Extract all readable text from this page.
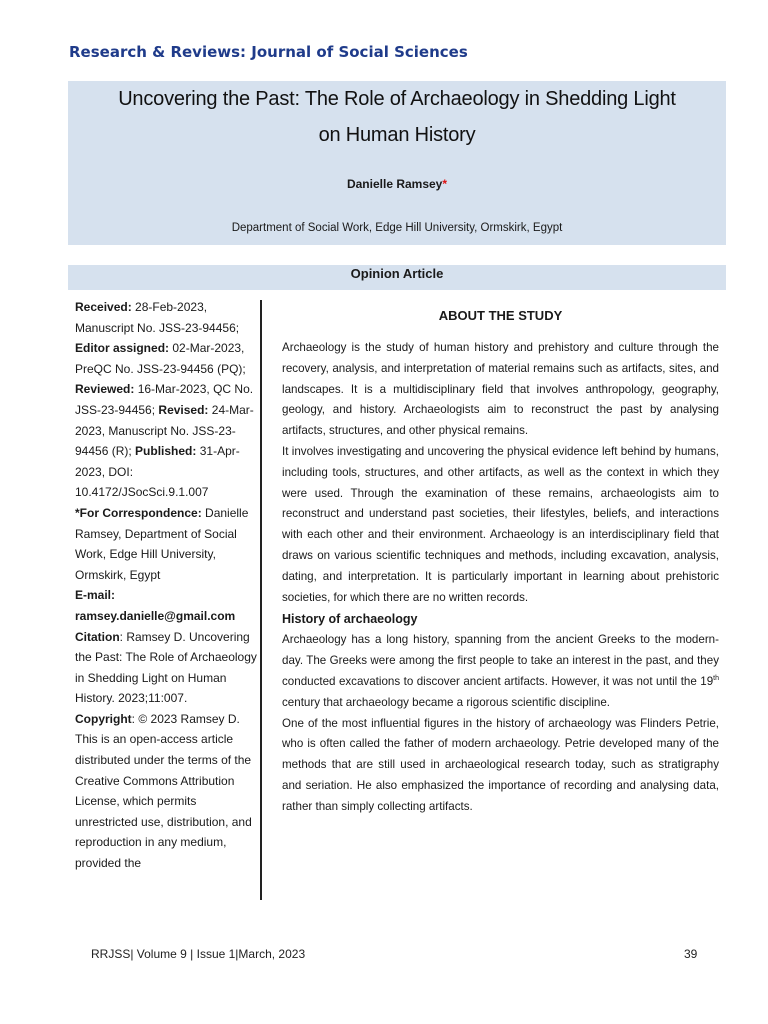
Research & Reviews: Journal of Social Sciences
Uncovering the Past: The Role of Archaeology in Shedding Light
on Human History
Danielle Ramsey*
Department of Social Work, Edge Hill University, Ormskirk, Egypt
Opinion Article

Received: 28-Feb-2023, Manuscript No. JSS-23-94456; Editor assigned: 02-Mar-2023, PreQC No. JSS-23-94456 (PQ); Reviewed: 16-Mar-2023, QC No. JSS-23-94456; Revised: 24-Mar-2023, Manuscript No. JSS-23-94456 (R); Published: 31-Apr-2023, DOI: 10.4172/JSocSci.9.1.007

*For Correspondence: Danielle Ramsey, Department of Social Work, Edge Hill University, Ormskirk, Egypt

E-mail:

ramsey.danielle@gmail.com

Citation: Ramsey D. Uncovering the Past: The Role of Archaeology in Shedding Light on Human History. 2023;11:007.

Copyright: © 2023 Ramsey D. This is an open-access article distributed under the terms of the Creative Commons Attribution License, which permits unrestricted use, distribution, and reproduction in any medium, provided the

ABOUT THE STUDY

Archaeology is the study of human history and prehistory and culture through the recovery, analysis, and interpretation of material remains such as artifacts, sites, and landscapes. It is a multidisciplinary field that involves anthropology, geography, geology, and history. Archaeologists aim to reconstruct the past by analysing artifacts, structures, and other physical remains.

It involves investigating and uncovering the physical evidence left behind by humans, including tools, structures, and other artifacts, as well as the context in which they were used. Through the examination of these remains, archaeologists aim to reconstruct and understand past societies, their lifestyles, beliefs, and interactions with each other and their environment. Archaeology is an interdisciplinary field that draws on various scientific techniques and methods, including excavation, analysis, dating, and interpretation. It is particularly important in learning about prehistoric societies, for which there are no written records.

History of archaeology

Archaeology has a long history, spanning from the ancient Greeks to the modern-day. The Greeks were among the first people to take an interest in the past, and they conducted excavations to discover ancient artifacts. However, it was not until the 19th century that archaeology became a rigorous scientific discipline.

One of the most influential figures in the history of archaeology was Flinders Petrie, who is often called the father of modern archaeology. Petrie developed many of the methods that are still used in archaeological research today, such as stratigraphy and seriation. He also emphasized the importance of recording and analysing data, rather than simply collecting artifacts.

RRJSS| Volume 9 | Issue 1|March, 2023	39
